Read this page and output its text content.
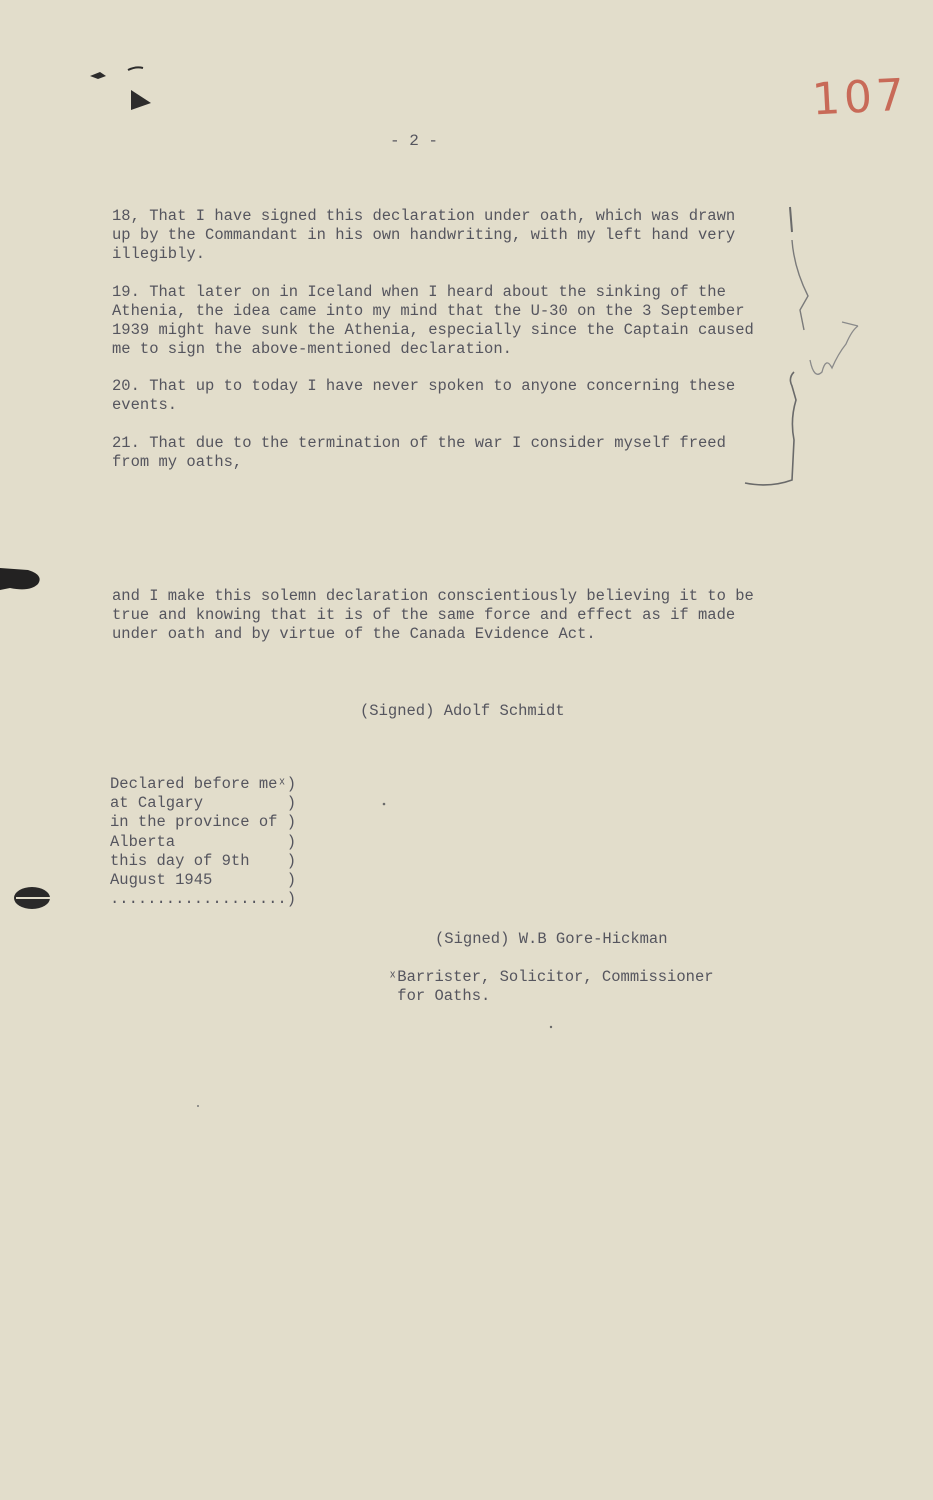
107
- 2 -

18, That I have signed this declaration under oath, which was drawn

up by the Commandant in his own handwriting, with my left hand very

illegibly.

19. That later on in Iceland when I heard about the sinking of the

Athenia, the idea came into my mind that the U-30 on the 3 September

1939 might have sunk the Athenia, especially since the Captain caused

me to sign the above-mentioned declaration.

20. That up to today I have never spoken to anyone concerning these

events.

21. That due to the termination of the war I consider myself freed

from my oaths,

and I make this solemn declaration conscientiously believing it to be

true and knowing that it is of the same force and effect as if made

under oath and by virtue of the Canada Evidence Act.

(Signed) Adolf Schmidt
Declared before meˣ)
at Calgary         )
in the province of )
Alberta            )
this day of 9th    )
August 1945        )
...................)
(Signed) W.B Gore-Hickman

ˣBarrister, Solicitor, Commissioner

for Oaths.
